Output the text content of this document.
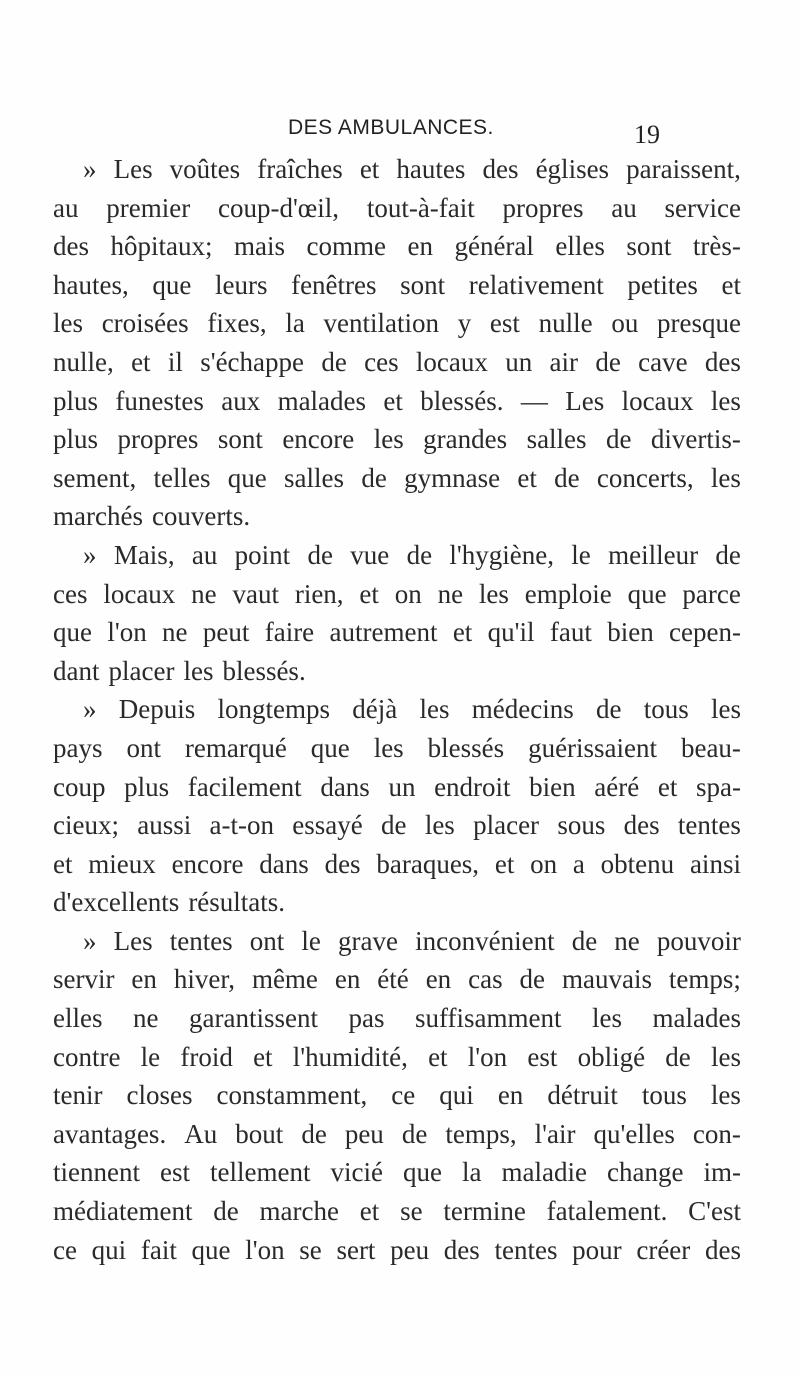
DES AMBULANCES.	19
» Les voûtes fraîches et hautes des églises paraissent,
au premier coup-d'œil, tout-à-fait propres au service
des hôpitaux; mais comme en général elles sont très-
hautes, que leurs fenêtres sont relativement petites et
les croisées fixes, la ventilation y est nulle ou presque
nulle, et il s'échappe de ces locaux un air de cave des
plus funestes aux malades et blessés. — Les locaux les
plus propres sont encore les grandes salles de divertis-
sement, telles que salles de gymnase et de concerts, les
marchés couverts.
» Mais, au point de vue de l'hygiène, le meilleur de
ces locaux ne vaut rien, et on ne les emploie que parce
que l'on ne peut faire autrement et qu'il faut bien cepen-
dant placer les blessés.
» Depuis longtemps déjà les médecins de tous les
pays ont remarqué que les blessés guérissaient beau-
coup plus facilement dans un endroit bien aéré et spa-
cieux; aussi a-t-on essayé de les placer sous des tentes
et mieux encore dans des baraques, et on a obtenu ainsi
d'excellents résultats.
» Les tentes ont le grave inconvénient de ne pouvoir
servir en hiver, même en été en cas de mauvais temps;
elles ne garantissent pas suffisamment les malades
contre le froid et l'humidité, et l'on est obligé de les
tenir closes constamment, ce qui en détruit tous les
avantages. Au bout de peu de temps, l'air qu'elles con-
tiennent est tellement vicié que la maladie change im-
médiatement de marche et se termine fatalement. C'est
ce qui fait que l'on se sert peu des tentes pour créer des
